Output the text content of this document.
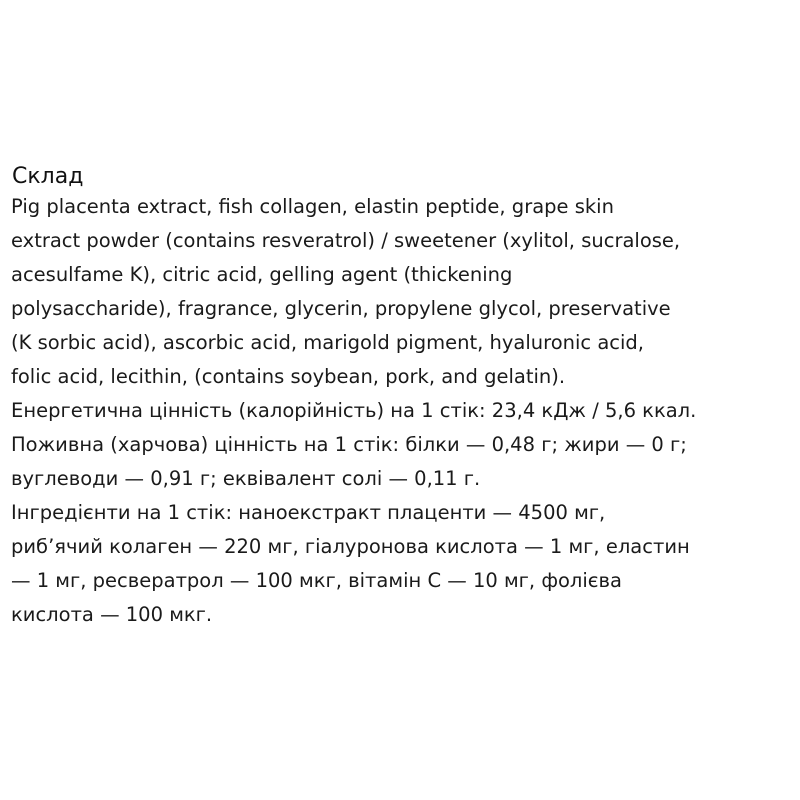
Склад
Pig placenta extract, fish collagen, elastin peptide, grape skin
extract powder (contains resveratrol) / sweetener (xylitol, sucralose,
acesulfame K), citric acid, gelling agent (thickening
polysaccharide), fragrance, glycerin, propylene glycol, preservative
(K sorbic acid), ascorbic acid, marigold pigment, hyaluronic acid,
folic acid, lecithin, (contains soybean, pork, and gelatin).
Енергетична цінність (калорійність) на 1 стік: 23,4 кДж / 5,6 ккал.
Поживна (харчова) цінність на 1 стік: білки — 0,48 г; жири — 0 г;
вуглеводи — 0,91 г; еквівалент солі — 0,11 г.
Інгредієнти на 1 стік: наноекстракт плаценти — 4500 мг,
риб’ячий колаген — 220 мг, гіалуронова кислота — 1 мг, еластин
— 1 мг, ресвератрол — 100 мкг, вітамін С — 10 мг, фолієва
кислота — 100 мкг.
